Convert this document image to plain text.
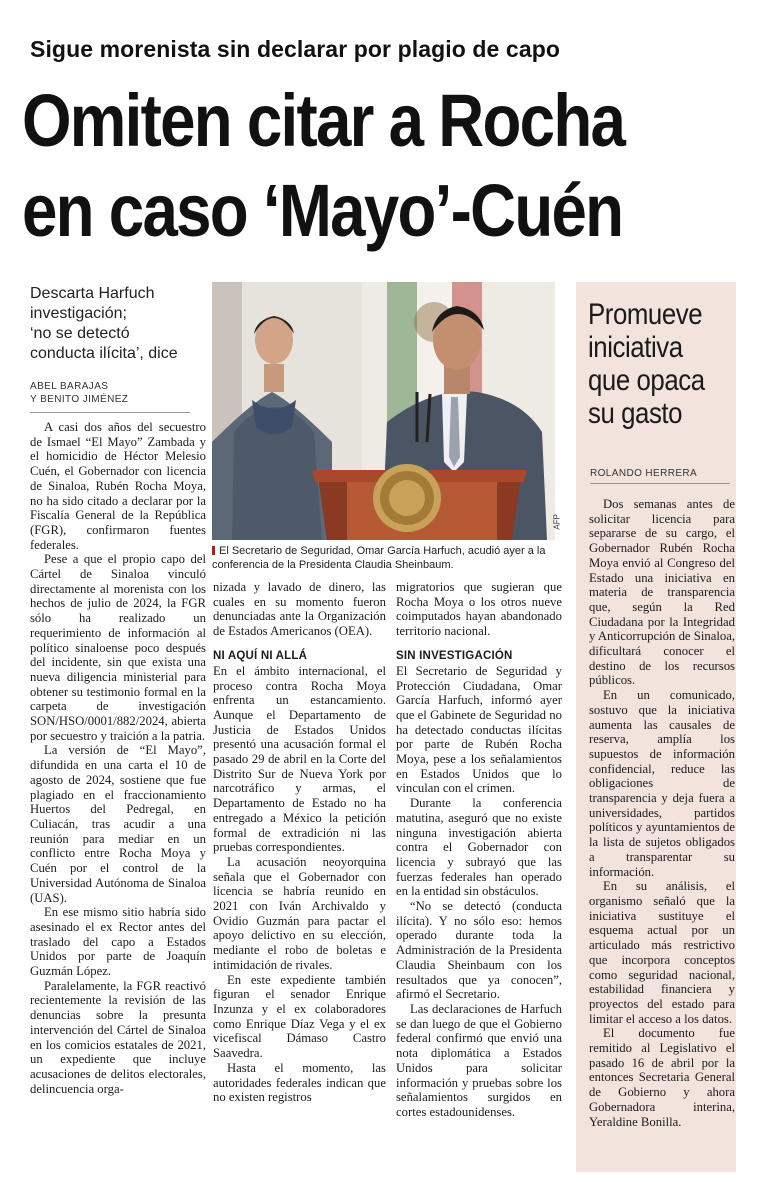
Sigue morenista sin declarar por plagio de capo
Omiten citar a Rocha
en caso ‘Mayo’-Cuén
Descarta Harfuch
investigación;
‘no se detectó
conducta ilícita’, dice
ABEL BARAJAS
Y BENITO JIMÉNEZ
AFP
El Secretario de Seguridad, Omar García Harfuch, acudió ayer a la conferencia de la Presidenta Claudia Sheinbaum.

A casi dos años del secuestro de Ismael “El Mayo” Zambada y el homicidio de Héctor Melesio Cuén, el Gobernador con licencia de Sinaloa, Rubén Rocha Moya, no ha sido citado a declarar por la Fiscalía General de la República (FGR), confirmaron fuentes federales.

Pese a que el propio capo del Cártel de Sinaloa vinculó directamente al morenista con los hechos de julio de 2024, la FGR sólo ha realizado un requerimiento de información al político sinaloense poco después del incidente, sin que exista una nueva diligencia ministerial para obtener su testimonio formal en la carpeta de investigación SON/HSO/0001/882/2024, abierta por secuestro y traición a la patria.

La versión de “El Mayo”, difundida en una carta el 10 de agosto de 2024, sostiene que fue plagiado en el fraccionamiento Huertos del Pedregal, en Culiacán, tras acudir a una reunión para mediar en un conflicto entre Rocha Moya y Cuén por el control de la Universidad Autónoma de Sinaloa (UAS).

En ese mismo sitio habría sido asesinado el ex Rector antes del traslado del capo a Estados Unidos por parte de Joaquín Guzmán López.

Paralelamente, la FGR reactivó recientemente la revisión de las denuncias sobre la presunta intervención del Cártel de Sinaloa en los comicios estatales de 2021, un expediente que incluye acusaciones de delitos electorales, delincuencia orga-

nizada y lavado de dinero, las cuales en su momento fueron denunciadas ante la Organización de Estados Americanos (OEA).

NI AQUÍ NI ALLÁ

En el ámbito internacional, el proceso contra Rocha Moya enfrenta un estancamiento. Aunque el Departamento de Justicia de Estados Unidos presentó una acusación formal el pasado 29 de abril en la Corte del Distrito Sur de Nueva York por narcotráfico y armas, el Departamento de Estado no ha entregado a México la petición formal de extradición ni las pruebas correspondientes.

La acusación neoyorquina señala que el Gobernador con licencia se habría reunido en 2021 con Iván Archivaldo y Ovidio Guzmán para pactar el apoyo delictivo en su elección, mediante el robo de boletas e intimidación de rivales.

En este expediente también figuran el senador Enrique Inzunza y el ex colaboradores como Enrique Díaz Vega y el ex vicefiscal Dámaso Castro Saavedra.

Hasta el momento, las autoridades federales indican que no existen registros

migratorios que sugieran que Rocha Moya o los otros nueve coimputados hayan abandonado territorio nacional.

SIN INVESTIGACIÓN

El Secretario de Seguridad y Protección Ciudadana, Omar García Harfuch, informó ayer que el Gabinete de Seguridad no ha detectado conductas ilícitas por parte de Rubén Rocha Moya, pese a los señalamientos en Estados Unidos que lo vinculan con el crimen.

Durante la conferencia matutina, aseguró que no existe ninguna investigación abierta contra el Gobernador con licencia y subrayó que las fuerzas federales han operado en la entidad sin obstáculos.

“No se detectó (conducta ilícita). Y no sólo eso: hemos operado durante toda la Administración de la Presidenta Claudia Sheinbaum con los resultados que ya conocen”, afirmó el Secretario.

Las declaraciones de Harfuch se dan luego de que el Gobierno federal confirmó que envió una nota diplomática a Estados Unidos para solicitar información y pruebas sobre los señalamientos surgidos en cortes estadounidenses.

Promueve iniciativa que opaca su gasto
ROLANDO HERRERA

Dos semanas antes de solicitar licencia para separarse de su cargo, el Gobernador Rubén Rocha Moya envió al Congreso del Estado una iniciativa en materia de transparencia que, según la Red Ciudadana por la Integridad y Anticorrupción de Sinaloa, dificultará conocer el destino de los recursos públicos.

En un comunicado, sostuvo que la iniciativa aumenta las causales de reserva, amplía los supuestos de información confidencial, reduce las obligaciones de transparencia y deja fuera a universidades, partidos políticos y ayuntamientos de la lista de sujetos obligados a transparentar su información.

En su análisis, el organismo señaló que la iniciativa sustituye el esquema actual por un articulado más restrictivo que incorpora conceptos como seguridad nacional, estabilidad financiera y proyectos del estado para limitar el acceso a los datos.

El documento fue remitido al Legislativo el pasado 16 de abril por la entonces Secretaria General de Gobierno y ahora Gobernadora interina, Yeraldine Bonilla.
